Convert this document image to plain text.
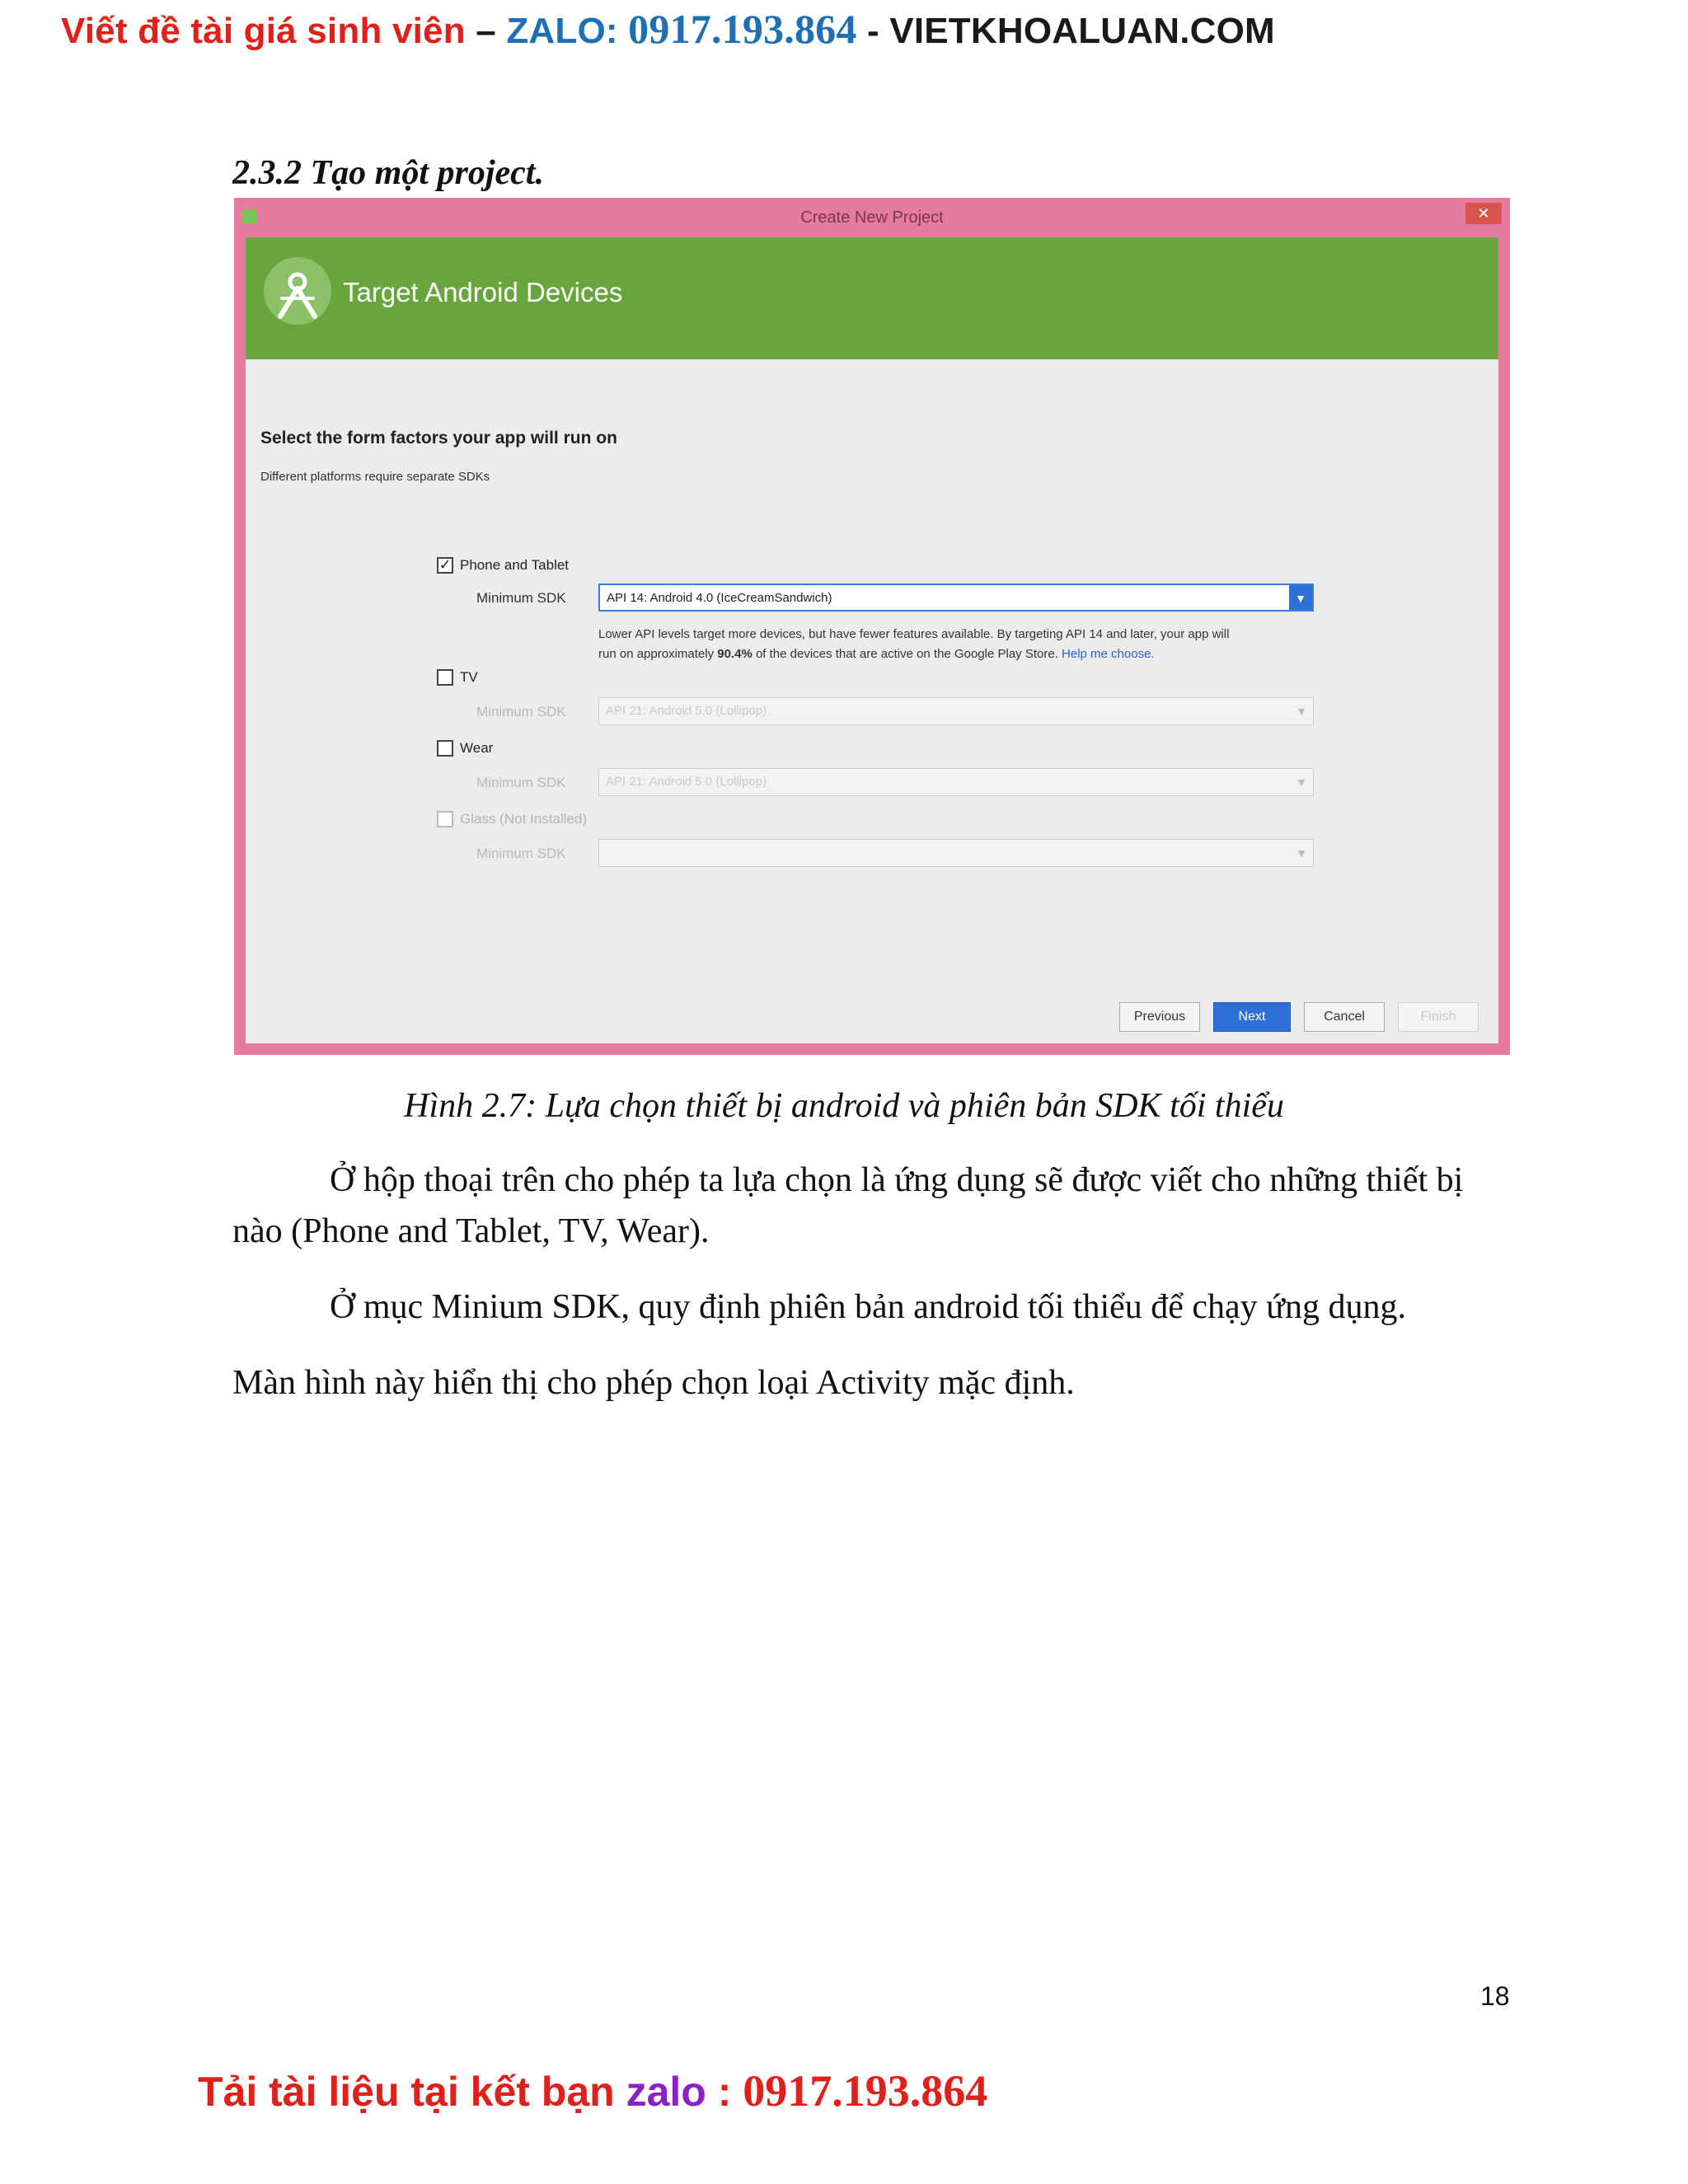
Viết đề tài giá sinh viên – ZALO: 0917.193.864 - VIETKHOALUAN.COM
2.3.2 Tạo một project.
Create New Project	✕
Target Android Devices
Select the form factors your app will run on
Different platforms require separate SDKs
✓ Phone and Tablet
Minimum SDK	API 14: Android 4.0 (IceCreamSandwich)	▼
Lower API levels target more devices, but have fewer features available. By targeting API 14 and later, your app will
run on approximately 90.4% of the devices that are active on the Google Play Store. Help me choose.
TV
Minimum SDK	API 21: Android 5.0 (Lollipop)	▼
Wear
Minimum SDK	API 21: Android 5.0 (Lollipop)	▼
Glass (Not Installed)
Minimum SDK	▼
Previous	Next	Cancel	Finish
Hình 2.7: Lựa chọn thiết bị android và phiên bản SDK tối thiểu
Ở hộp thoại trên cho phép ta lựa chọn là ứng dụng sẽ được viết cho những thiết bị
nào (Phone and Tablet, TV, Wear).
Ở mục Minium SDK, quy định phiên bản android tối thiểu để chạy ứng dụng.
Màn hình này hiển thị cho phép chọn loại Activity mặc định.
18
Tải tài liệu tại kết bạn zalo : 0917.193.864
